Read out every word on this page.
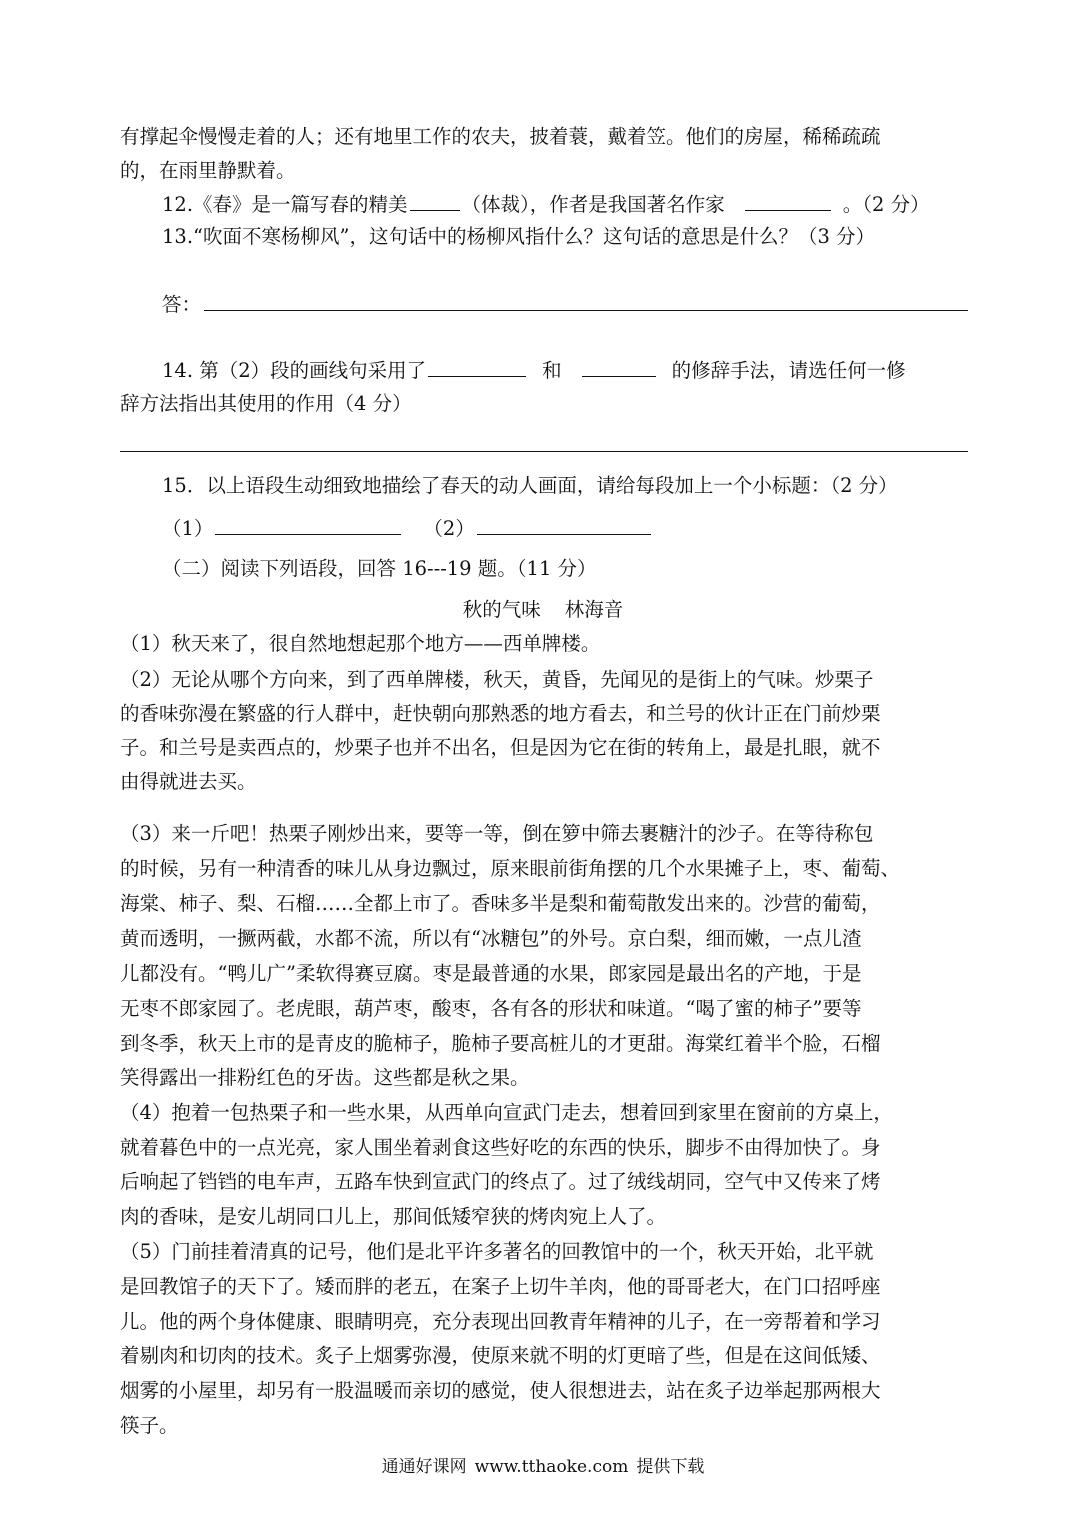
有撑起伞慢慢走着的人；还有地里工作的农夫，披着蓑，戴着笠。他们的房屋，稀稀疏疏
的，在雨里静默着。
12.《春》是一篇写春的精美	（体裁），作者是我国著名作家	。（2 分）
13.“吹面不寒杨柳风”，这句话中的杨柳风指什么？这句话的意思是什么？（3 分）
答：
14. 第（2）段的画线句采用了	和	的修辞手法，请选任何一修
辞方法指出其使用的作用（4 分）
15．以上语段生动细致地描绘了春天的动人画面，请给每段加上一个小标题：（2 分）
（1）	（2）
（二）阅读下列语段，回答 16---19 题。（11 分）
秋的气味 林海音
（1）秋天来了，很自然地想起那个地方——西单牌楼。
（2）无论从哪个方向来，到了西单牌楼，秋天，黄昏，先闻见的是街上的气味。炒栗子
的香味弥漫在繁盛的行人群中，赶快朝向那熟悉的地方看去，和兰号的伙计正在门前炒栗
子。和兰号是卖西点的，炒栗子也并不出名，但是因为它在街的转角上，最是扎眼，就不
由得就进去买。
（3）来一斤吧！热栗子刚炒出来，要等一等，倒在箩中筛去裹糖汁的沙子。在等待称包
的时候，另有一种清香的味儿从身边飘过，原来眼前街角摆的几个水果摊子上，枣、葡萄、
海棠、柿子、梨、石榴……全都上市了。香味多半是梨和葡萄散发出来的。沙营的葡萄，
黄而透明，一撅两截，水都不流，所以有“冰糖包”的外号。京白梨，细而嫩，一点儿渣
儿都没有。“鸭儿广”柔软得赛豆腐。枣是最普通的水果，郎家园是最出名的产地，于是
无枣不郎家园了。老虎眼，葫芦枣，酸枣，各有各的形状和味道。“喝了蜜的柿子”要等
到冬季，秋天上市的是青皮的脆柿子，脆柿子要高桩儿的才更甜。海棠红着半个脸，石榴
笑得露出一排粉红色的牙齿。这些都是秋之果。
（4）抱着一包热栗子和一些水果，从西单向宣武门走去，想着回到家里在窗前的方桌上，
就着暮色中的一点光亮，家人围坐着剥食这些好吃的东西的快乐，脚步不由得加快了。身
后响起了铛铛的电车声，五路车快到宣武门的终点了。过了绒线胡同，空气中又传来了烤
肉的香味，是安儿胡同口儿上，那间低矮窄狭的烤肉宛上人了。
（5）门前挂着清真的记号，他们是北平许多著名的回教馆中的一个，秋天开始，北平就
是回教馆子的天下了。矮而胖的老五，在案子上切牛羊肉，他的哥哥老大，在门口招呼座
儿。他的两个身体健康、眼睛明亮，充分表现出回教青年精神的儿子，在一旁帮着和学习
着剔肉和切肉的技术。炙子上烟雾弥漫，使原来就不明的灯更暗了些，但是在这间低矮、
烟雾的小屋里，却另有一股温暖而亲切的感觉，使人很想进去，站在炙子边举起那两根大
筷子。
通通好课网 www.tthaoke.com 提供下载
